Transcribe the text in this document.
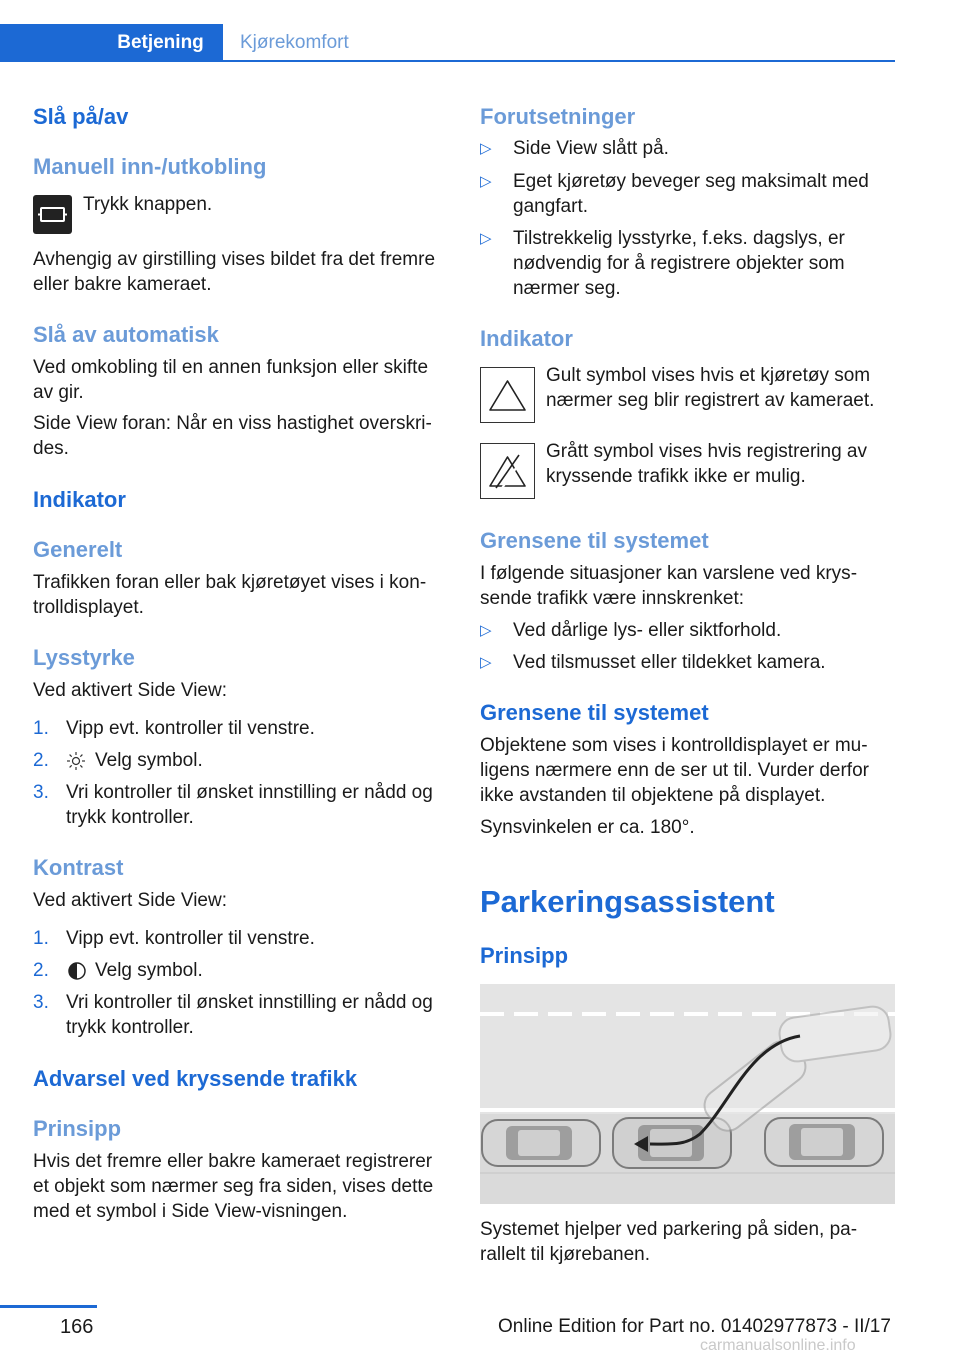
Betjening	Kjørekomfort
Slå på/av
Manuell inn-/utkobling
Trykk knappen.
Avhengig av girstilling vises bildet fra det fremre eller bakre kameraet.
Slå av automatisk
Ved omkobling til en annen funksjon eller skifte av gir.
Side View foran: Når en viss hastighet overskrides.
Indikator
Generelt
Trafikken foran eller bak kjøretøyet vises i kontrolldisplayet.
Lysstyrke
Ved aktivert Side View:
1. Vipp evt. kontroller til venstre.
2. Velg symbol.
3. Vri kontroller til ønsket innstilling er nådd og trykk kontroller.
Kontrast
Ved aktivert Side View:
1. Vipp evt. kontroller til venstre.
2. Velg symbol.
3. Vri kontroller til ønsket innstilling er nådd og trykk kontroller.
Advarsel ved kryssende trafikk
Prinsipp
Hvis det fremre eller bakre kameraet registrerer et objekt som nærmer seg fra siden, vises dette med et symbol i Side View-visningen.
Forutsetninger
▷ Side View slått på.
▷ Eget kjøretøy beveger seg maksimalt med gangfart.
▷ Tilstrekkelig lysstyrke, f.eks. dagslys, er nødvendig for å registrere objekter som nærmer seg.
Indikator
Gult symbol vises hvis et kjøretøy som nærmer seg blir registrert av kameraet.
Grått symbol vises hvis registrering av kryssende trafikk ikke er mulig.
Grensene til systemet
I følgende situasjoner kan varslene ved kryssende trafikk være innskrenket:
▷ Ved dårlige lys- eller siktforhold.
▷ Ved tilsmusset eller tildekket kamera.
Grensene til systemet
Objektene som vises i kontrolldisplayet er muligens nærmere enn de ser ut til. Vurder derfor ikke avstanden til objektene på displayet.
Synsvinkelen er ca. 180°.
Parkeringsassistent
Prinsipp
Systemet hjelper ved parkering på siden, parallelt til kjørebanen.
166	Online Edition for Part no. 01402977873 - II/17
carmanualsonline.info
